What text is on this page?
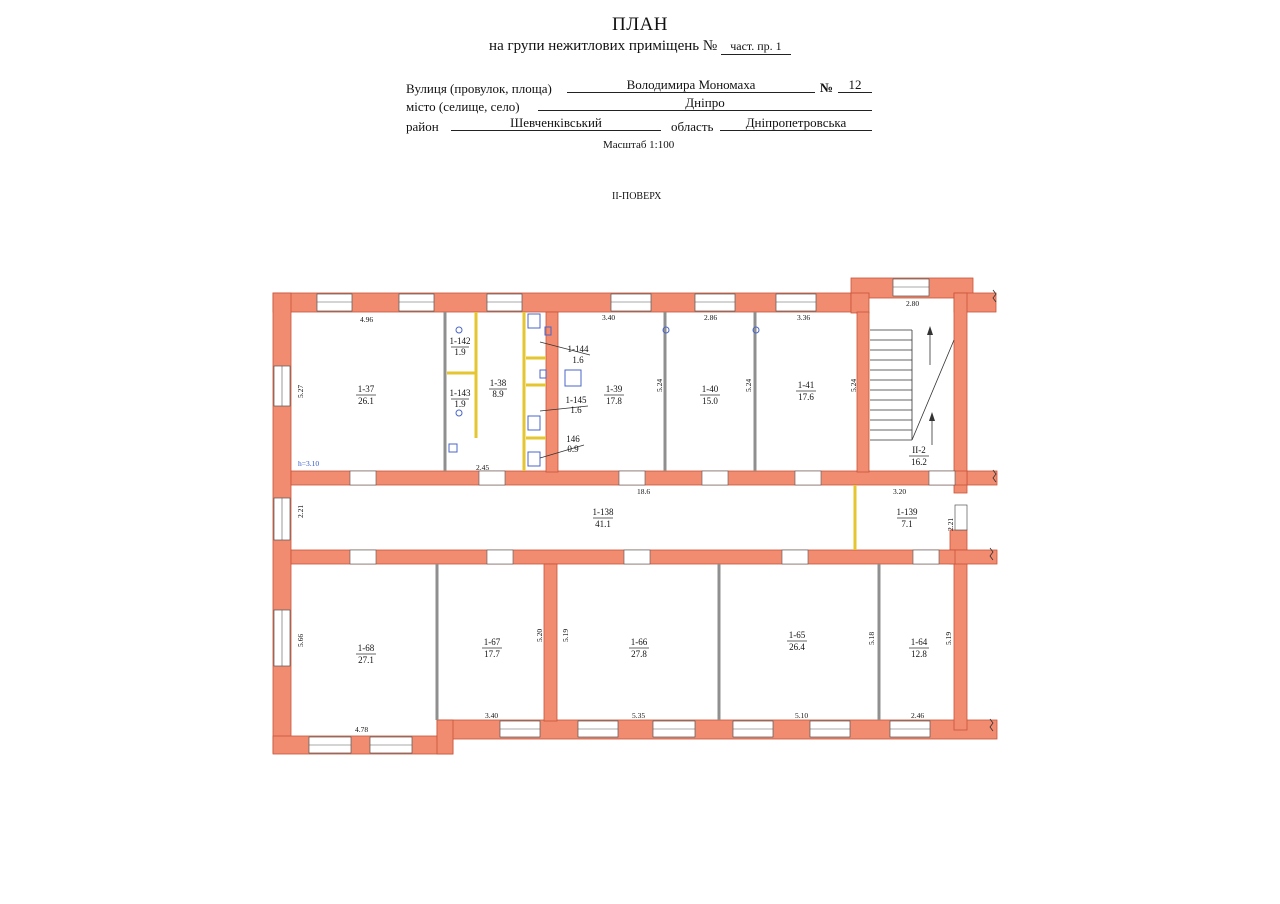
ПЛАН
на групи нежитлових приміщень № част. пр. 1
Вулиця (провулок, площа)	Володимира Мономаха	№	12
місто (селище, село)	Дніпро
район	Шевченківський	область	Дніпропетровська
Масштаб 1:100
II-ПОВЕРХ
1-37
26.1
1-142
1.9
1-143
1.9
1-38
8.9
1-144
1.6
1-145
1.6
146
0.9
1-39
17.8
1-40
15.0
1-41
17.6
II-2
16.2
1-138
41.1
1-139
7.1
1-68
27.1
1-67
17.7
1-66
27.8
1-65
26.4	1-64
12.8
4.96
5.27
h=3.10	2.45
3.40	2.86	3.36
2.80
5.24	5.24	5.24
18.6	3.20
2.21
2.21
5.66
4.78
3.40
5.20 5.19
5.35	5.10
5.18
2.46
5.19
